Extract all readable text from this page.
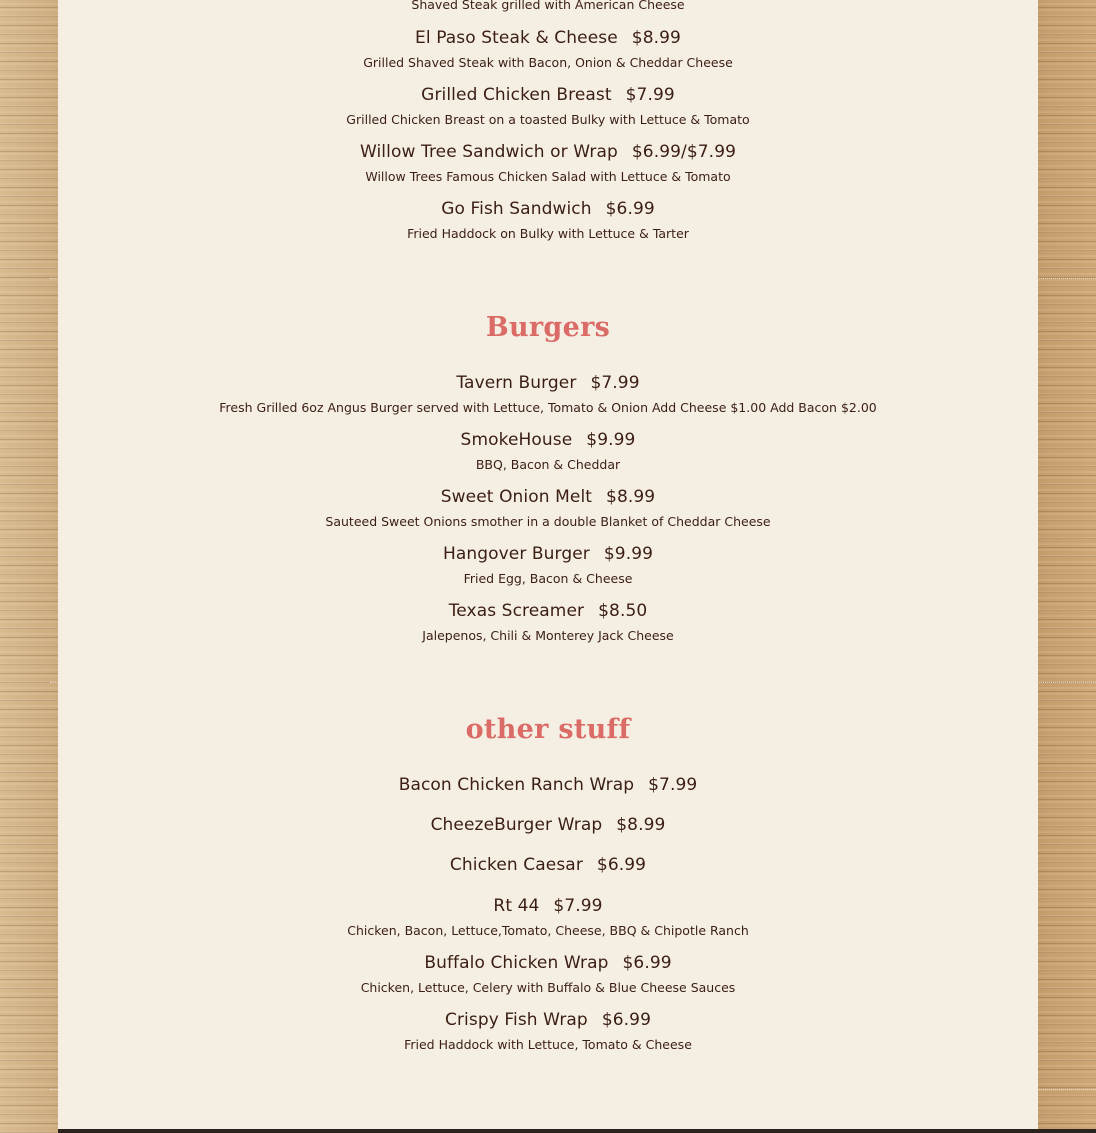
Shaved Steak grilled with American Cheese
El Paso Steak & Cheese $8.99
Grilled Shaved Steak with Bacon, Onion & Cheddar Cheese
Grilled Chicken Breast $7.99
Grilled Chicken Breast on a toasted Bulky with Lettuce & Tomato
Willow Tree Sandwich or Wrap $6.99/$7.99
Willow Trees Famous Chicken Salad with Lettuce & Tomato
Go Fish Sandwich $6.99
Fried Haddock on Bulky with Lettuce & Tarter
Burgers
Tavern Burger $7.99
Fresh Grilled 6oz Angus Burger served with Lettuce, Tomato & Onion Add Cheese $1.00 Add Bacon $2.00
SmokeHouse $9.99
BBQ, Bacon & Cheddar
Sweet Onion Melt $8.99
Sauteed Sweet Onions smother in a double Blanket of Cheddar Cheese
Hangover Burger $9.99
Fried Egg, Bacon & Cheese
Texas Screamer $8.50
Jalepenos, Chili & Monterey Jack Cheese
other stuff
Bacon Chicken Ranch Wrap $7.99
CheezeBurger Wrap $8.99
Chicken Caesar $6.99
Rt 44 $7.99
Chicken, Bacon, Lettuce,Tomato, Cheese, BBQ & Chipotle Ranch
Buffalo Chicken Wrap $6.99
Chicken, Lettuce, Celery with Buffalo & Blue Cheese Sauces
Crispy Fish Wrap $6.99
Fried Haddock with Lettuce, Tomato & Cheese
